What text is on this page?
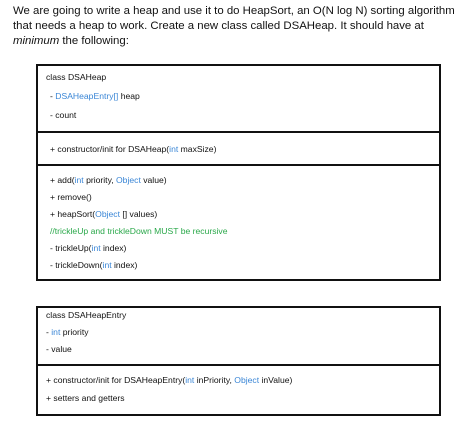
We are going to write a heap and use it to do HeapSort, an O(N log N) sorting algorithm
that needs a heap to work. Create a new class called DSAHeap. It should have at
minimum the following:
class DSAHeap
- DSAHeapEntry[] heap
- count
+ constructor/init for DSAHeap(int maxSize)
+ add(int priority, Object value)
+ remove()
+ heapSort(Object [] values)
//trickleUp and trickleDown MUST be recursive
- trickleUp(int index)
- trickleDown(int index)
class DSAHeapEntry
- int priority
- value
+ constructor/init for DSAHeapEntry(int inPriority, Object inValue)
+ setters and getters
